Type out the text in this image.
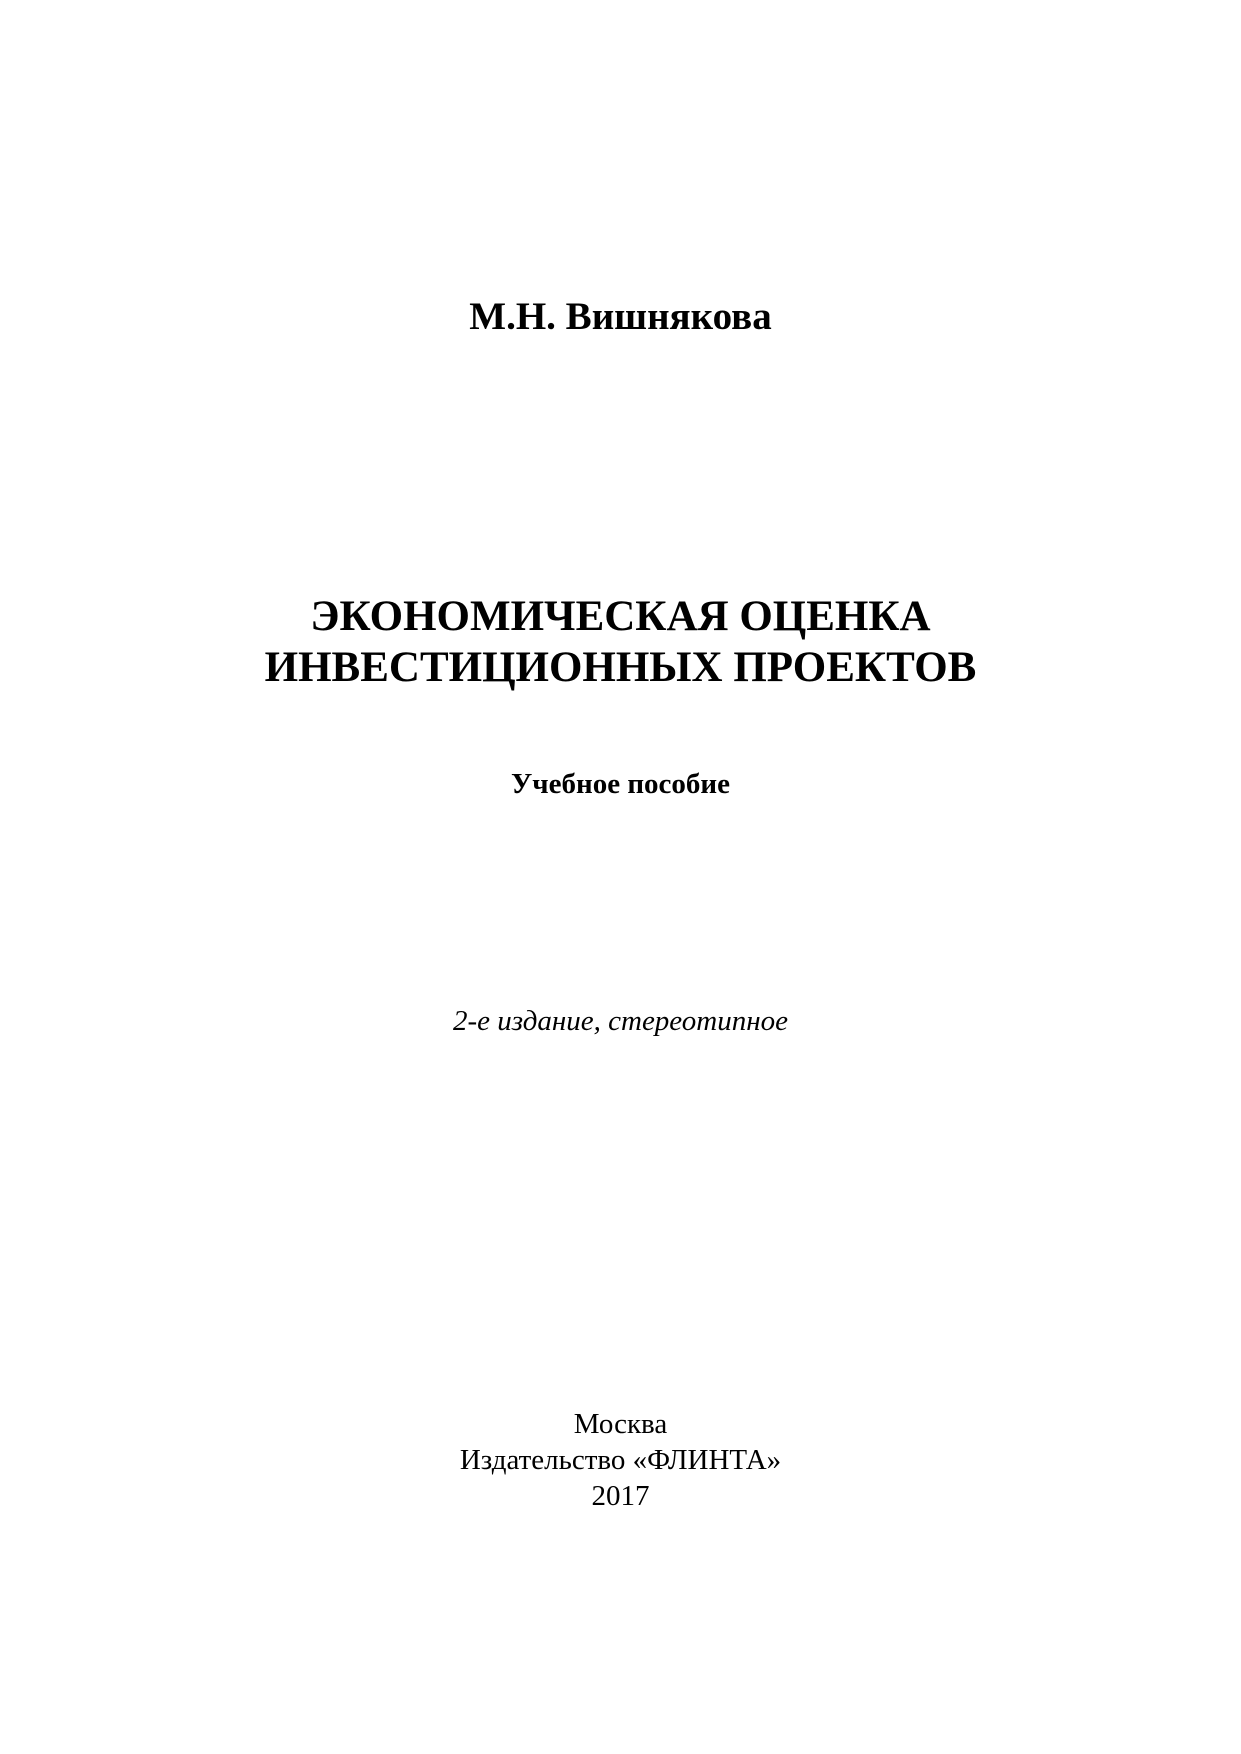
М.Н. Вишнякова
ЭКОНОМИЧЕСКАЯ ОЦЕНКА
ИНВЕСТИЦИОННЫХ ПРОЕКТОВ
Учебное пособие
2-е издание, стереотипное
Москва
Издательство «ФЛИНТА»
2017
